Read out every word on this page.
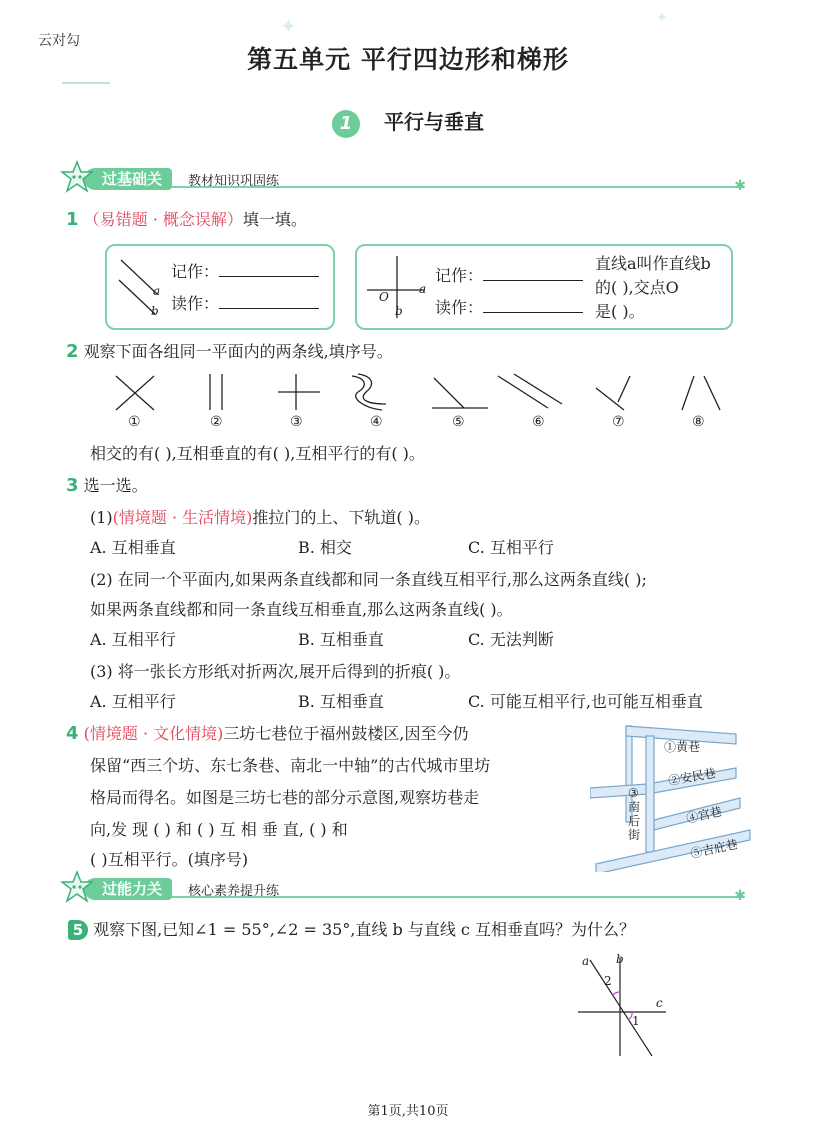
云对勾
✦	✦
第五单元 平行四边形和梯形
1 平行与垂直
过基础关	教材知识巩固练	✱
1 （易错题 · 概念误解）填一填。
a
b
记作：
读作：	O
a
b
记作：
读作：
直线a叫作直线b
的( ),交点O
是( )。
2 观察下面各组同一平面内的两条线,填序号。
①	②	③	④	⑤	⑥	⑦	⑧
相交的有( ),互相垂直的有( ),互相平行的有( )。
3 选一选。
(1)(情境题 · 生活情境)推拉门的上、下轨道( )。
A. 互相垂直	B. 相交	C. 互相平行
(2) 在同一个平面内,如果两条直线都和同一条直线互相平行,那么这两条直线( );
如果两条直线都和同一条直线互相垂直,那么这两条直线( )。
A. 互相平行	B. 互相垂直	C. 无法判断
(3) 将一张长方形纸对折两次,展开后得到的折痕( )。
A. 互相平行	B. 互相垂直	C. 可能互相平行,也可能互相垂直
4 (情境题 · 文化情境)三坊七巷位于福州鼓楼区,因至今仍
保留“西三个坊、东七条巷、南北一中轴”的古代城市里坊
格局而得名。如图是三坊七巷的部分示意图,观察坊巷走
向,发 现 ( ) 和 ( ) 互 相 垂 直, ( ) 和
( )互相平行。(填序号)
①黄巷
②安民巷
④宫巷
⑤吉庇巷
③
南
后
街
过能力关	核心素养提升练	✱
5 观察下图,已知∠1 = 55°,∠2 = 35°,直线 b 与直线 c 互相垂直吗？为什么？
a b
c
2
1
第1页,共10页
